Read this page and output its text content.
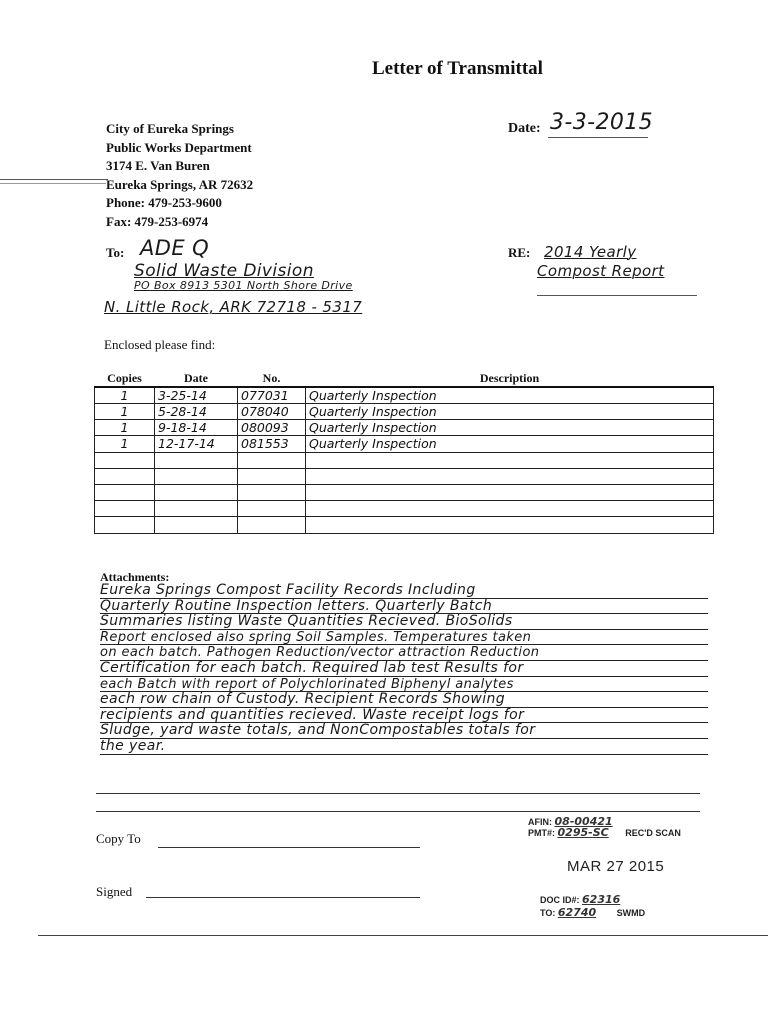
Letter of Transmittal
City of Eureka Springs
Public Works Department
3174 E. Van Buren
Eureka Springs, AR 72632
Phone: 479-253-9600
Fax: 479-253-6974
Date: 3-3-2015
To: ADE Q
Solid Waste Division
PO Box 8913 5301 North Shore Drive
N. Little Rock, ARK 72718 - 5317
RE: 2014 Yearly
Compost Report
Enclosed please find:
Copies	Date	No.	Description
1	3-25-14	077031	Quarterly Inspection
1	5-28-14	078040	Quarterly Inspection
1	9-18-14	080093	Quarterly Inspection
1	12-17-14	081553	Quarterly Inspection

Attachments:
Eureka Springs Compost Facility Records Including
Quarterly Routine Inspection letters. Quarterly Batch
Summaries listing Waste Quantities Recieved. BioSolids
Report enclosed also spring Soil Samples. Temperatures taken
on each batch. Pathogen Reduction/vector attraction Reduction
Certification for each batch. Required lab test Results for
each Batch with report of Polychlorinated Biphenyl analytes
each row chain of Custody. Recipient Records Showing
recipients and quantities recieved. Waste receipt logs for
Sludge, yard waste totals, and NonCompostables totals for
the year.
Copy To
Signed
AFIN: 08-00421
PMT#: 0295-SC REC'D SCAN
MAR 27 2015
DOC ID#: 62316
TO: 62740 SWMD
